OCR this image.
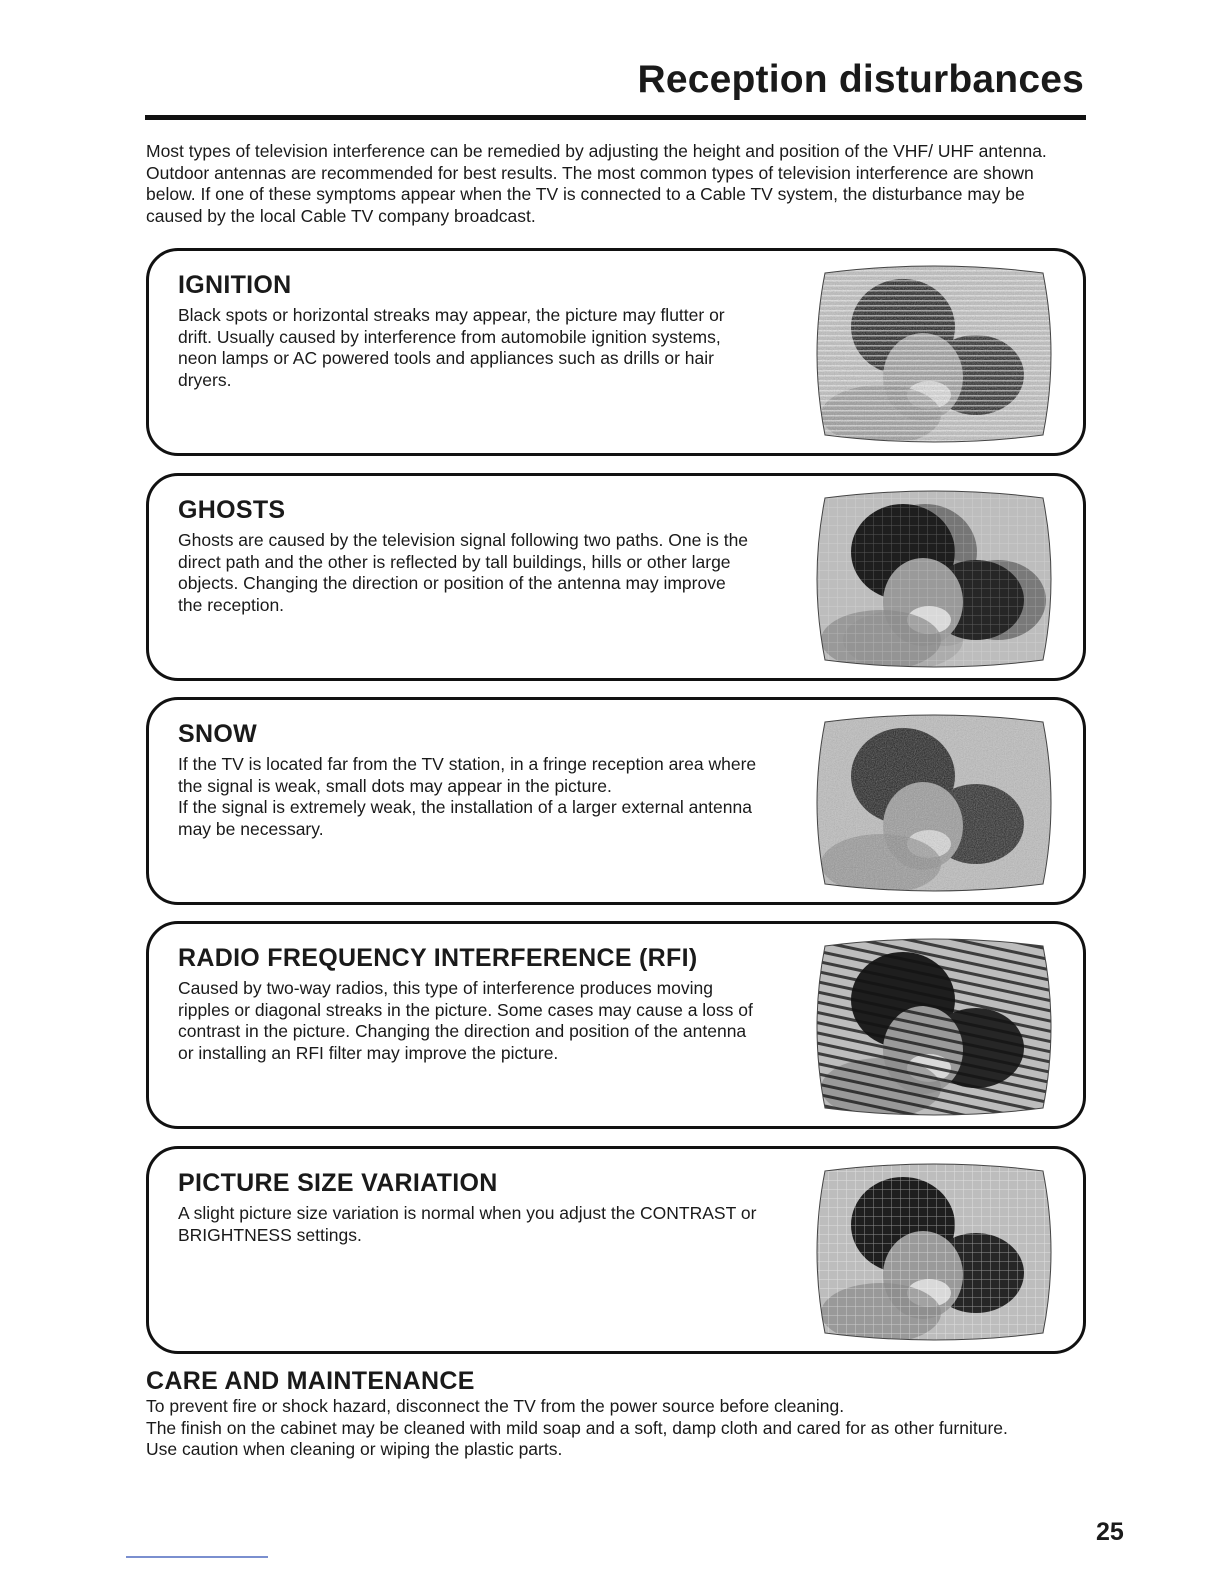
Reception disturbances

Most types of television interference can be remedied by adjusting the height and position of the VHF/ UHF antenna. Outdoor antennas are recommended for best results. The most common types of television interference are shown below. If one of these symptoms appear when the TV is connected to a Cable TV system, the disturbance may be caused by the local Cable TV company broadcast.

IGNITION

Black spots or horizontal streaks may appear, the picture may flutter or
drift. Usually caused by interference from automobile ignition systems,
neon lamps or AC powered tools and appliances such as drills or hair
dryers.

GHOSTS

Ghosts are caused by the television signal following two paths. One is the
direct path and the other is reflected by tall buildings, hills or other large
objects. Changing the direction or position of the antenna may improve
the reception.

SNOW

If the TV is located far from the TV station, in a fringe reception area where
the signal is weak, small dots may appear in the picture.
If the signal is extremely weak, the installation of a larger external antenna
may be necessary.

RADIO FREQUENCY INTERFERENCE (RFI)

Caused by two-way radios, this type of interference produces moving
ripples or diagonal streaks in the picture. Some cases may cause a loss of
contrast in the picture. Changing the direction and position of the antenna
or installing an RFI filter may improve the picture.

PICTURE SIZE VARIATION

A slight picture size variation is normal when you adjust the CONTRAST or
BRIGHTNESS settings.

CARE AND MAINTENANCE

To prevent fire or shock hazard, disconnect the TV from the power source before cleaning.
The finish on the cabinet may be cleaned with mild soap and a soft, damp cloth and cared for as other furniture.
Use caution when cleaning or wiping the plastic parts.

25
